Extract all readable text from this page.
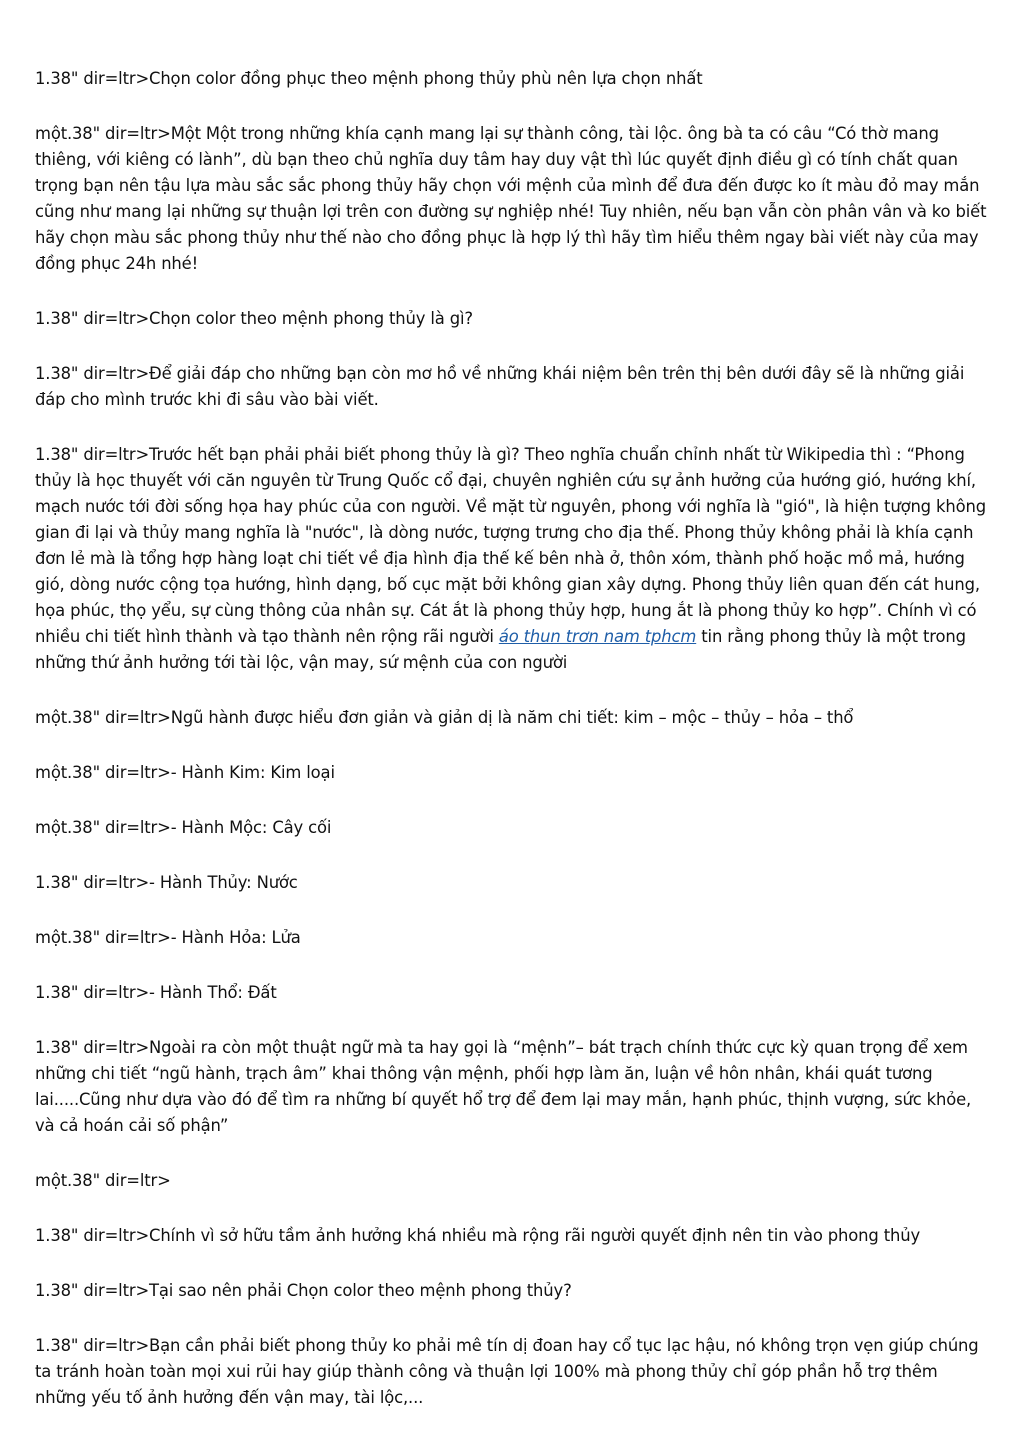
1.38" dir=ltr>Chọn color đồng phục theo mệnh phong thủy phù nên lựa chọn nhất

một.38" dir=ltr>Một Một trong những khía cạnh mang lại sự thành công, tài lộc. ông bà ta có câu “Có thờ mang thiêng, với kiêng có lành”, dù bạn theo chủ nghĩa duy tâm hay duy vật thì lúc quyết định điều gì có tính chất quan trọng bạn nên tậu lựa màu sắc sắc phong thủy hãy chọn với mệnh của mình để đưa đến được ko ít màu đỏ may mắn cũng như mang lại những sự thuận lợi trên con đường sự nghiệp nhé! Tuy nhiên, nếu bạn vẫn còn phân vân và ko biết hãy chọn màu sắc phong thủy như thế nào cho đồng phục là hợp lý thì hãy tìm hiểu thêm ngay bài viết này của may đồng phục 24h nhé!

1.38" dir=ltr>Chọn color theo mệnh phong thủy là gì?

1.38" dir=ltr>Để giải đáp cho những bạn còn mơ hồ về những khái niệm bên trên thị bên dưới đây sẽ là những giải đáp cho mình trước khi đi sâu vào bài viết.

1.38" dir=ltr>Trước hết bạn phải phải biết phong thủy là gì? Theo nghĩa chuẩn chỉnh nhất từ Wikipedia thì : “Phong thủy là học thuyết với căn nguyên từ Trung Quốc cổ đại, chuyên nghiên cứu sự ảnh hưởng của hướng gió, hướng khí, mạch nước tới đời sống họa hay phúc của con người. Về mặt từ nguyên, phong với nghĩa là "gió", là hiện tượng không gian đi lại và thủy mang nghĩa là "nước", là dòng nước, tượng trưng cho địa thế. Phong thủy không phải là khía cạnh đơn lẻ mà là tổng hợp hàng loạt chi tiết về địa hình địa thế kế bên nhà ở, thôn xóm, thành phố hoặc mồ mả, hướng gió, dòng nước cộng tọa hướng, hình dạng, bố cục mặt bởi không gian xây dựng. Phong thủy liên quan đến cát hung, họa phúc, thọ yểu, sự cùng thông của nhân sự. Cát ắt là phong thủy hợp, hung ắt là phong thủy ko hợp”. Chính vì có nhiều chi tiết hình thành và tạo thành nên rộng rãi người áo thun trơn nam tphcm tin rằng phong thủy là một trong những thứ ảnh hưởng tới tài lộc, vận may, sứ mệnh của con người

một.38" dir=ltr>Ngũ hành được hiểu đơn giản và giản dị là năm chi tiết: kim – mộc – thủy – hỏa – thổ

một.38" dir=ltr>- Hành Kim: Kim loại

một.38" dir=ltr>- Hành Mộc: Cây cối

1.38" dir=ltr>- Hành Thủy: Nước

một.38" dir=ltr>- Hành Hỏa: Lửa

1.38" dir=ltr>- Hành Thổ: Đất

1.38" dir=ltr>Ngoài ra còn một thuật ngữ mà ta hay gọi là “mệnh”– bát trạch chính thức cực kỳ quan trọng để xem những chi tiết “ngũ hành, trạch âm” khai thông vận mệnh, phối hợp làm ăn, luận về hôn nhân, khái quát tương lai.....Cũng như dựa vào đó để tìm ra những bí quyết hổ trợ để đem lại may mắn, hạnh phúc, thịnh vượng, sức khỏe, và cả hoán cải số phận”

một.38" dir=ltr>

1.38" dir=ltr>Chính vì sở hữu tầm ảnh hưởng khá nhiều mà rộng rãi người quyết định nên tin vào phong thủy

1.38" dir=ltr>Tại sao nên phải Chọn color theo mệnh phong thủy?

1.38" dir=ltr>Bạn cần phải biết phong thủy ko phải mê tín dị đoan hay cổ tục lạc hậu, nó không trọn vẹn giúp chúng ta tránh hoàn toàn mọi xui rủi hay giúp thành công và thuận lợi 100% mà phong thủy chỉ góp phần hỗ trợ thêm những yếu tố ảnh hưởng đến vận may, tài lộc,...
